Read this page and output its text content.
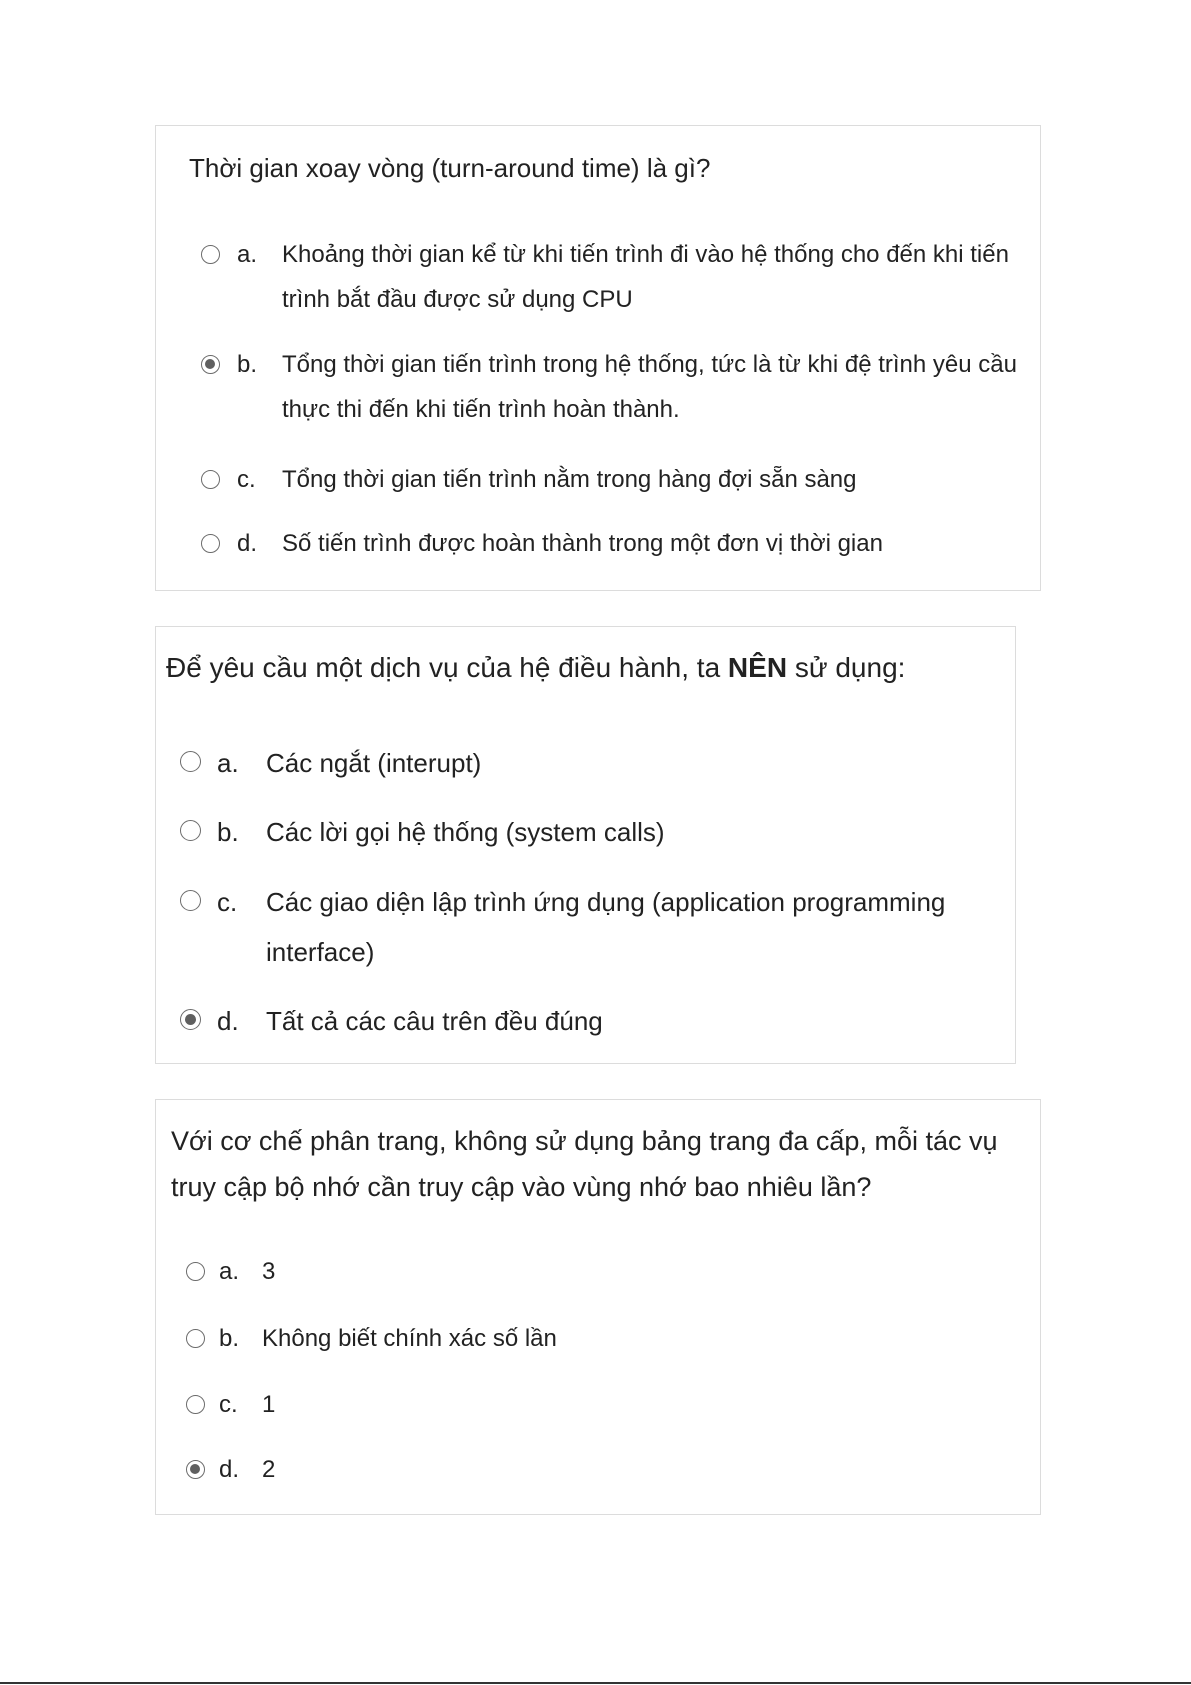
Thời gian xoay vòng (turn-around time) là gì?

a.	Khoảng thời gian kể từ khi tiến trình đi vào hệ thống cho đến khi tiến trình bắt đầu được sử dụng CPU
b.	Tổng thời gian tiến trình trong hệ thống, tức là từ khi đệ trình yêu cầu thực thi đến khi tiến trình hoàn thành.
c.	Tổng thời gian tiến trình nằm trong hàng đợi sẵn sàng
d.	Số tiến trình được hoàn thành trong một đơn vị thời gian

Để yêu cầu một dịch vụ của hệ điều hành, ta NÊN sử dụng:

a.	Các ngắt (interupt)
b.	Các lời gọi hệ thống (system calls)
c.	Các giao diện lập trình ứng dụng (application programming interface)
d.	Tất cả các câu trên đều đúng

Với cơ chế phân trang, không sử dụng bảng trang đa cấp, mỗi tác vụ truy cập bộ nhớ cần truy cập vào vùng nhớ bao nhiêu lần?

a. 3
b. Không biết chính xác số lần
c.	1
d. 2
